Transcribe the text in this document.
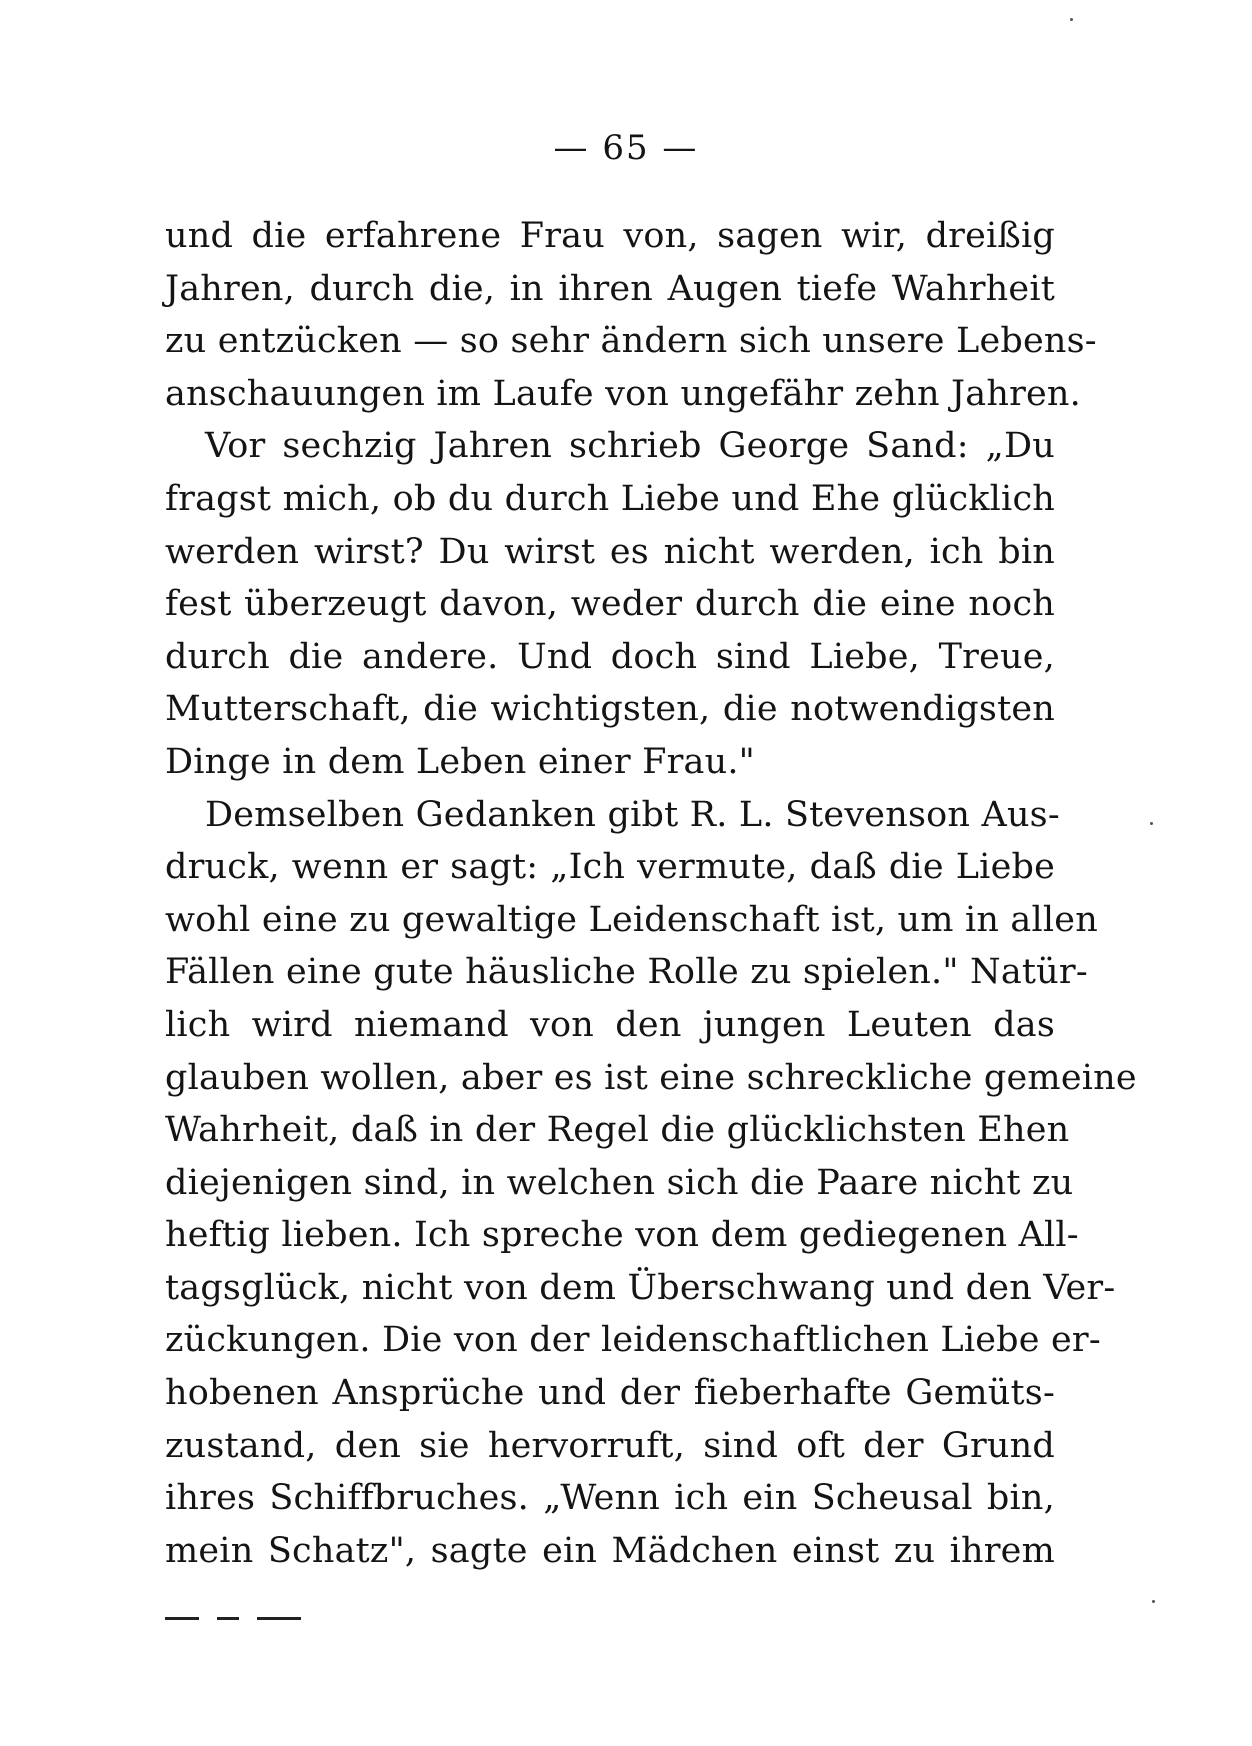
— 65 —
und die erfahrene Frau von, sagen wir, dreißig
Jahren, durch die, in ihren Augen tiefe Wahrheit
zu entzücken — so sehr ändern sich unsere Lebens-
anschauungen im Laufe von ungefähr zehn Jahren.
Vor sechzig Jahren schrieb George Sand: „Du
fragst mich, ob du durch Liebe und Ehe glücklich
werden wirst? Du wirst es nicht werden, ich bin
fest überzeugt davon, weder durch die eine noch
durch die andere. Und doch sind Liebe, Treue,
Mutterschaft, die wichtigsten, die notwendigsten
Dinge in dem Leben einer Frau."
Demselben Gedanken gibt R. L. Stevenson Aus-
druck, wenn er sagt: „Ich vermute, daß die Liebe
wohl eine zu gewaltige Leidenschaft ist, um in allen
Fällen eine gute häusliche Rolle zu spielen." Natür-
lich wird niemand von den jungen Leuten das
glauben wollen, aber es ist eine schreckliche gemeine
Wahrheit, daß in der Regel die glücklichsten Ehen
diejenigen sind, in welchen sich die Paare nicht zu
heftig lieben. Ich spreche von dem gediegenen All-
tagsglück, nicht von dem Überschwang und den Ver-
zückungen. Die von der leidenschaftlichen Liebe er-
hobenen Ansprüche und der fieberhafte Gemüts-
zustand, den sie hervorruft, sind oft der Grund
ihres Schiffbruches. „Wenn ich ein Scheusal bin,
mein Schatz", sagte ein Mädchen einst zu ihrem
